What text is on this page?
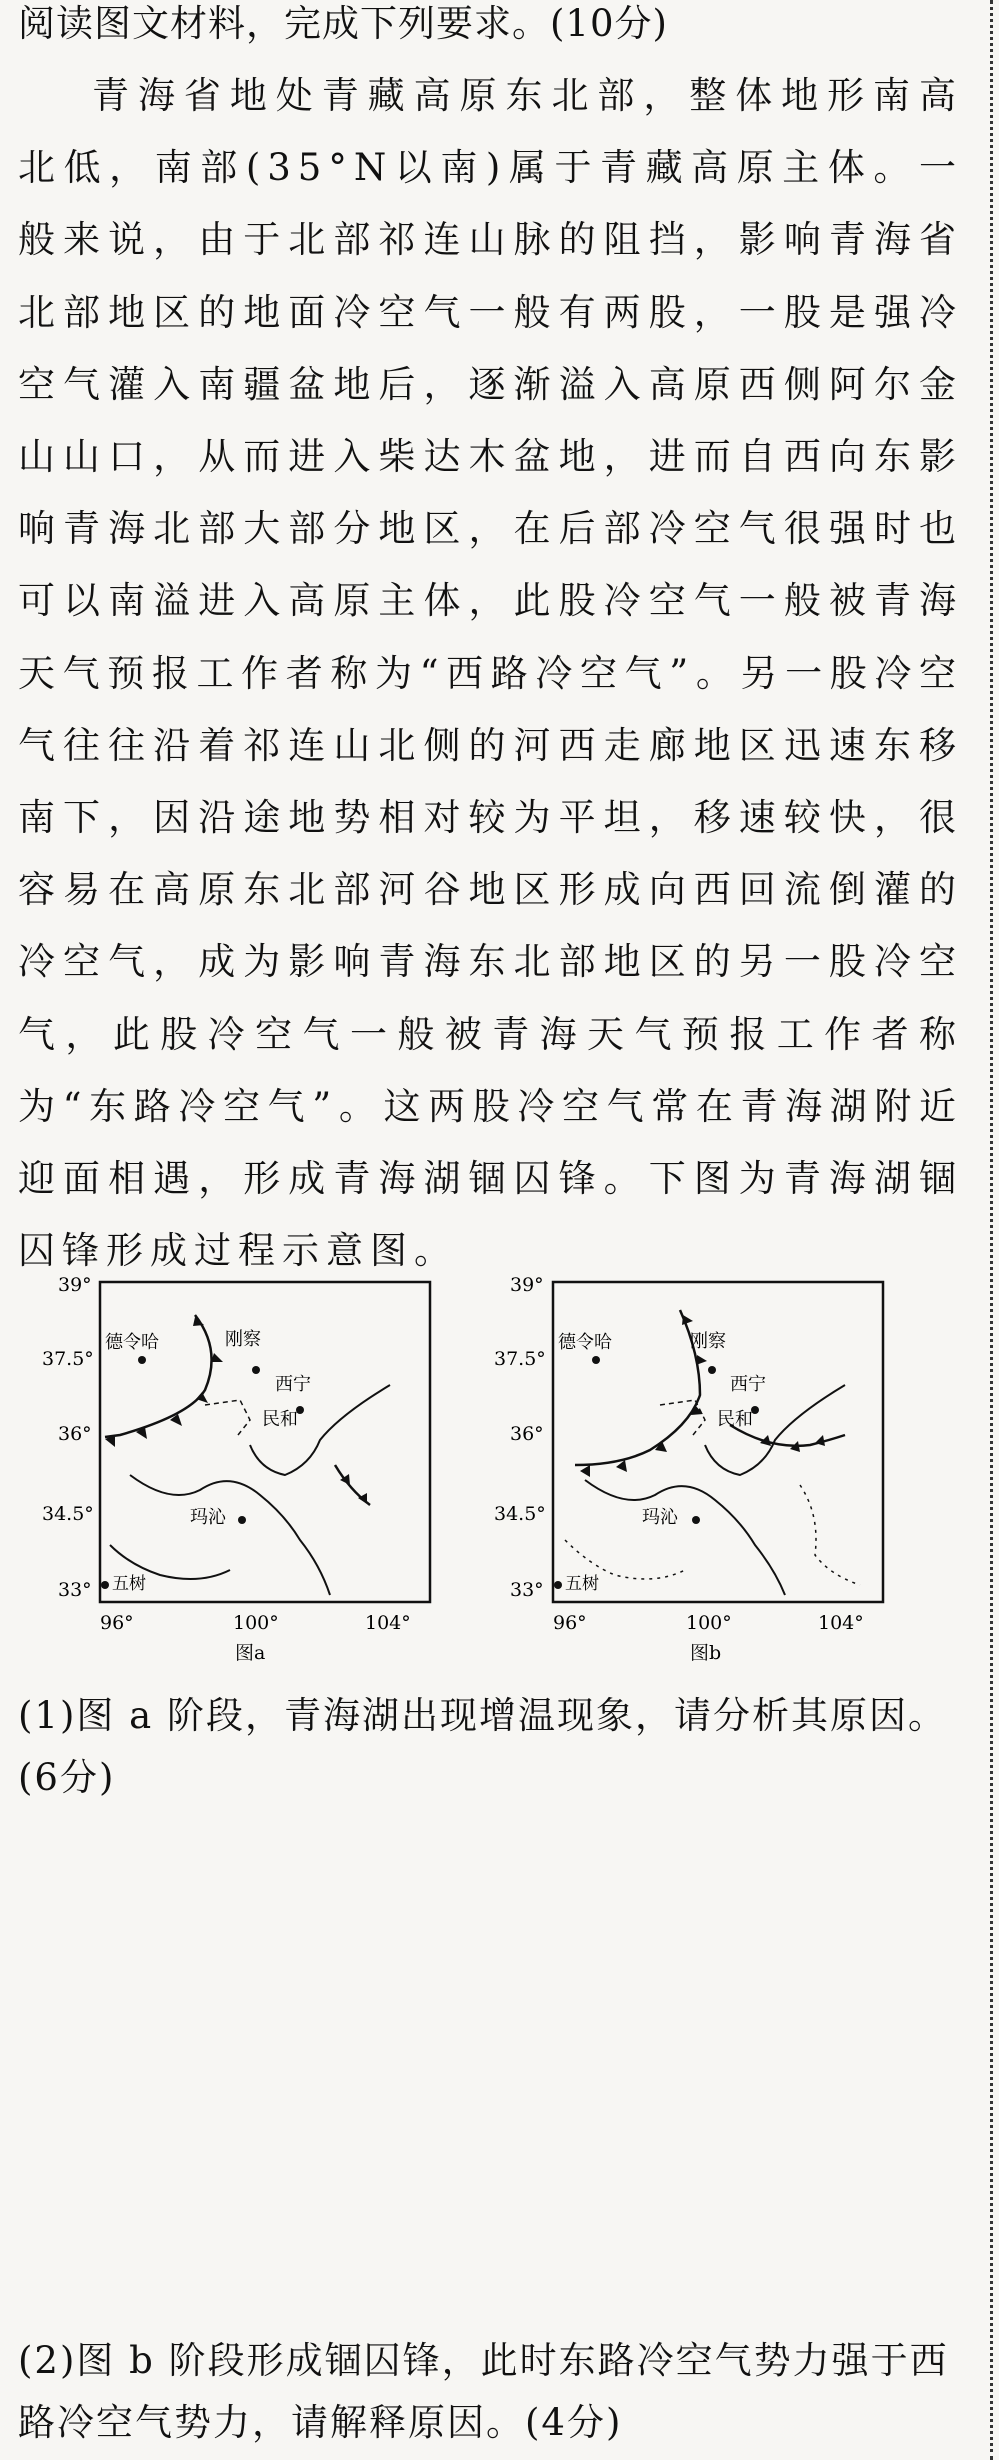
阅读图文材料，完成下列要求。(10分)

青海省地处青藏高原东北部，整体地形南高北低，南部(35°N以南)属于青藏高原主体。一般来说，由于北部祁连山脉的阻挡，影响青海省北部地区的地面冷空气一般有两股，一股是强冷空气灌入南疆盆地后，逐渐溢入高原西侧阿尔金山山口，从而进入柴达木盆地，进而自西向东影响青海北部大部分地区，在后部冷空气很强时也可以南溢进入高原主体，此股冷空气一般被青海天气预报工作者称为“西路冷空气”。另一股冷空气往往沿着祁连山北侧的河西走廊地区迅速东移南下，因沿途地势相对较为平坦，移速较快，很容易在高原东北部河谷地区形成向西回流倒灌的冷空气，成为影响青海东北部地区的另一股冷空气，此股冷空气一般被青海天气预报工作者称为“东路冷空气”。这两股冷空气常在青海湖附近迎面相遇，形成青海湖锢囚锋。下图为青海湖锢囚锋形成过程示意图。

39°
37.5°
36°
34.5°
33°
96°	100°	104°
图a
德令哈	刚察
西宁
民和
玛沁
五树
39°
37.5°
36°
34.5°
33°
96°	100°	104°
图b
德令哈	刚察
西宁
民和
玛沁
五树
(1)图 a 阶段，青海湖出现增温现象，请分析其原因。(6分)
(2)图 b 阶段形成锢囚锋，此时东路冷空气势力强于西路冷空气势力，请解释原因。(4分)
